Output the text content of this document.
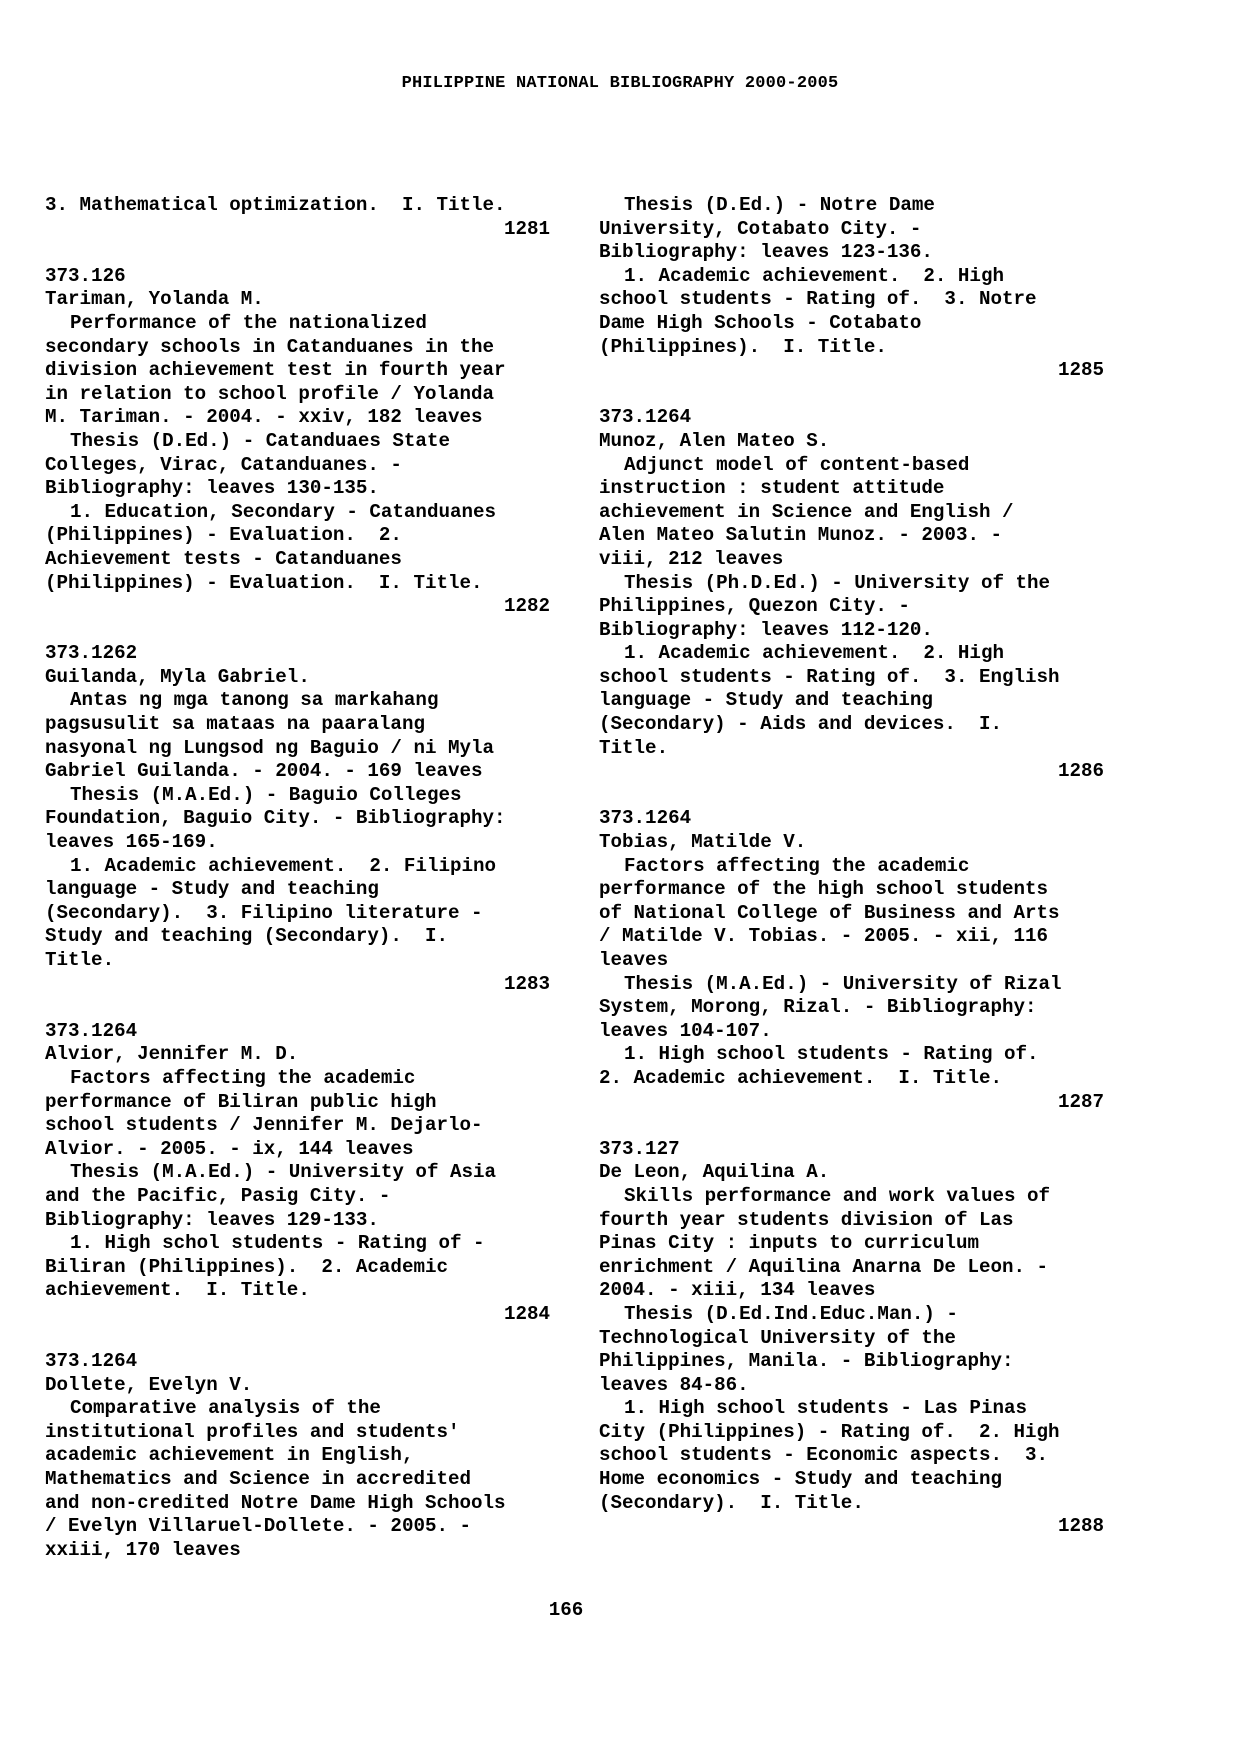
PHILIPPINE NATIONAL BIBLIOGRAPHY 2000-2005
3. Mathematical optimization.  I. Title.
1281
373.126
Tariman, Yolanda M.
Performance of the nationalized
secondary schools in Catanduanes in the
division achievement test in fourth year
in relation to school profile / Yolanda
M. Tariman. - 2004. - xxiv, 182 leaves
Thesis (D.Ed.) - Catanduaes State
Colleges, Virac, Catanduanes. -
Bibliography: leaves 130-135.
1. Education, Secondary - Catanduanes
(Philippines) - Evaluation.  2.
Achievement tests - Catanduanes
(Philippines) - Evaluation.  I. Title.
1282
373.1262
Guilanda, Myla Gabriel.
Antas ng mga tanong sa markahang
pagsusulit sa mataas na paaralang
nasyonal ng Lungsod ng Baguio / ni Myla
Gabriel Guilanda. - 2004. - 169 leaves
Thesis (M.A.Ed.) - Baguio Colleges
Foundation, Baguio City. - Bibliography:
leaves 165-169.
1. Academic achievement.  2. Filipino
language - Study and teaching
(Secondary).  3. Filipino literature -
Study and teaching (Secondary).  I.
Title.
1283
373.1264
Alvior, Jennifer M. D.
Factors affecting the academic
performance of Biliran public high
school students / Jennifer M. Dejarlo-
Alvior. - 2005. - ix, 144 leaves
Thesis (M.A.Ed.) - University of Asia
and the Pacific, Pasig City. -
Bibliography: leaves 129-133.
1. High schol students - Rating of -
Biliran (Philippines).  2. Academic
achievement.  I. Title.
1284
373.1264
Dollete, Evelyn V.
Comparative analysis of the
institutional profiles and students'
academic achievement in English,
Mathematics and Science in accredited
and non-credited Notre Dame High Schools
/ Evelyn Villaruel-Dollete. - 2005. -
xxiii, 170 leaves
Thesis (D.Ed.) - Notre Dame
University, Cotabato City. -
Bibliography: leaves 123-136.
1. Academic achievement.  2. High
school students - Rating of.  3. Notre
Dame High Schools - Cotabato
(Philippines).  I. Title.
1285
373.1264
Munoz, Alen Mateo S.
Adjunct model of content-based
instruction : student attitude
achievement in Science and English /
Alen Mateo Salutin Munoz. - 2003. -
viii, 212 leaves
Thesis (Ph.D.Ed.) - University of the
Philippines, Quezon City. -
Bibliography: leaves 112-120.
1. Academic achievement.  2. High
school students - Rating of.  3. English
language - Study and teaching
(Secondary) - Aids and devices.  I.
Title.
1286
373.1264
Tobias, Matilde V.
Factors affecting the academic
performance of the high school students
of National College of Business and Arts
/ Matilde V. Tobias. - 2005. - xii, 116
leaves
Thesis (M.A.Ed.) - University of Rizal
System, Morong, Rizal. - Bibliography:
leaves 104-107.
1. High school students - Rating of.
2. Academic achievement.  I. Title.
1287
373.127
De Leon, Aquilina A.
Skills performance and work values of
fourth year students division of Las
Pinas City : inputs to curriculum
enrichment / Aquilina Anarna De Leon. -
2004. - xiii, 134 leaves
Thesis (D.Ed.Ind.Educ.Man.) -
Technological University of the
Philippines, Manila. - Bibliography:
leaves 84-86.
1. High school students - Las Pinas
City (Philippines) - Rating of.  2. High
school students - Economic aspects.  3.
Home economics - Study and teaching
(Secondary).  I. Title.
1288
166
